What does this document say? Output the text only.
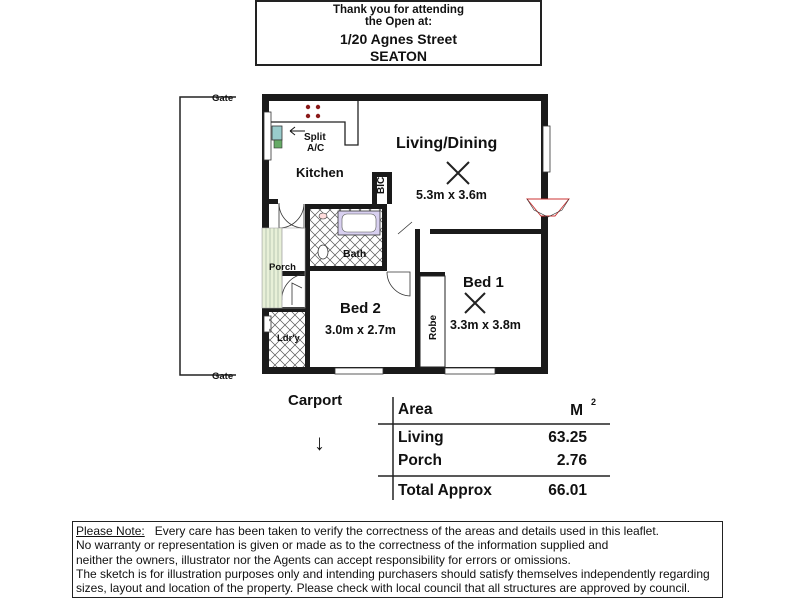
Thank you for attending
the Open at:
1/20 Agnes Street
SEATON
Gate
Gate
Split
A/C
Kitchen
BIC
Living/Dining
5.3m x 3.6m
Bath
Porch
Bed 1
3.3m x 3.8m
Bed 2
3.0m x 2.7m	Robe
Ldr'y
Carport
↓
Area	$M^2$
Living	63.25
Porch	2.76
Total Approx	66.01
Please Note: Every care has been taken to verify the correctness of the areas and details used in this leaflet.
No warranty or representation is given or made as to the correctness of the information supplied and
neither the owners, illustrator nor the Agents can accept responsibility for errors or omissions.
The sketch is for illustration purposes only and intending purchasers should satisfy themselves independently regarding
sizes, layout and location of the property. Please check with local council that all structures are approved by council.
